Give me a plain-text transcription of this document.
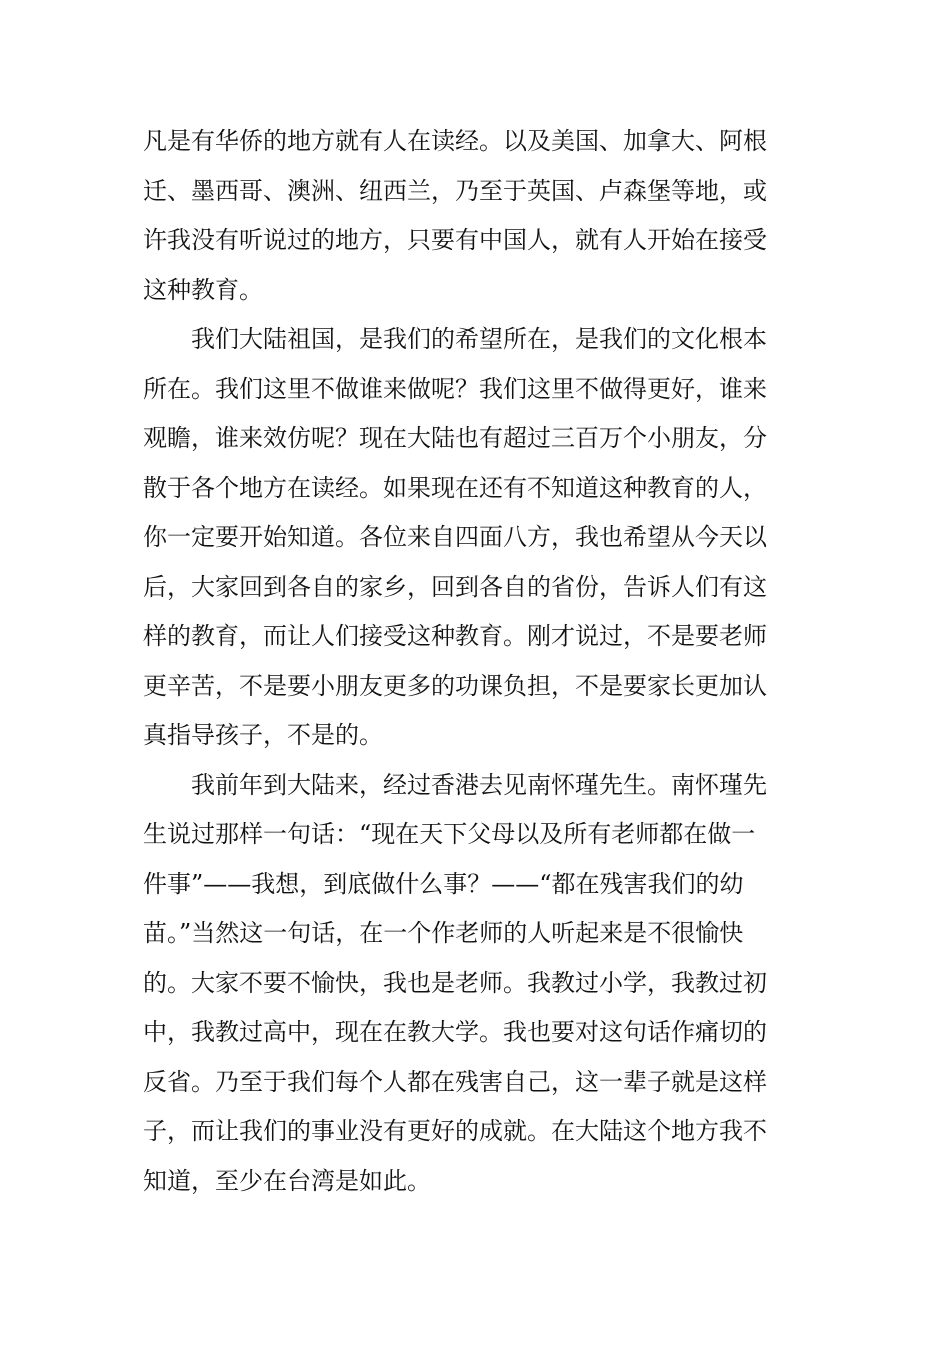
凡是有华侨的地方就有人在读经。以及美国、加拿大、阿根
迁、墨西哥、澳洲、纽西兰，乃至于英国、卢森堡等地，或
许我没有听说过的地方，只要有中国人，就有人开始在接受
这种教育。
我们大陆祖国，是我们的希望所在，是我们的文化根本
所在。我们这里不做谁来做呢？我们这里不做得更好，谁来
观瞻，谁来效仿呢？现在大陆也有超过三百万个小朋友，分
散于各个地方在读经。如果现在还有不知道这种教育的人，
你一定要开始知道。各位来自四面八方，我也希望从今天以
后，大家回到各自的家乡，回到各自的省份，告诉人们有这
样的教育，而让人们接受这种教育。刚才说过，不是要老师
更辛苦，不是要小朋友更多的功课负担，不是要家长更加认
真指导孩子，不是的。
我前年到大陆来，经过香港去见南怀瑾先生。南怀瑾先
生说过那样一句话：“现在天下父母以及所有老师都在做一
件事”——我想，到底做什么事？——“都在残害我们的幼
苗。”当然这一句话，在一个作老师的人听起来是不很愉快
的。大家不要不愉快，我也是老师。我教过小学，我教过初
中，我教过高中，现在在教大学。我也要对这句话作痛切的
反省。乃至于我们每个人都在残害自己，这一辈子就是这样
子，而让我们的事业没有更好的成就。在大陆这个地方我不
知道，至少在台湾是如此。
